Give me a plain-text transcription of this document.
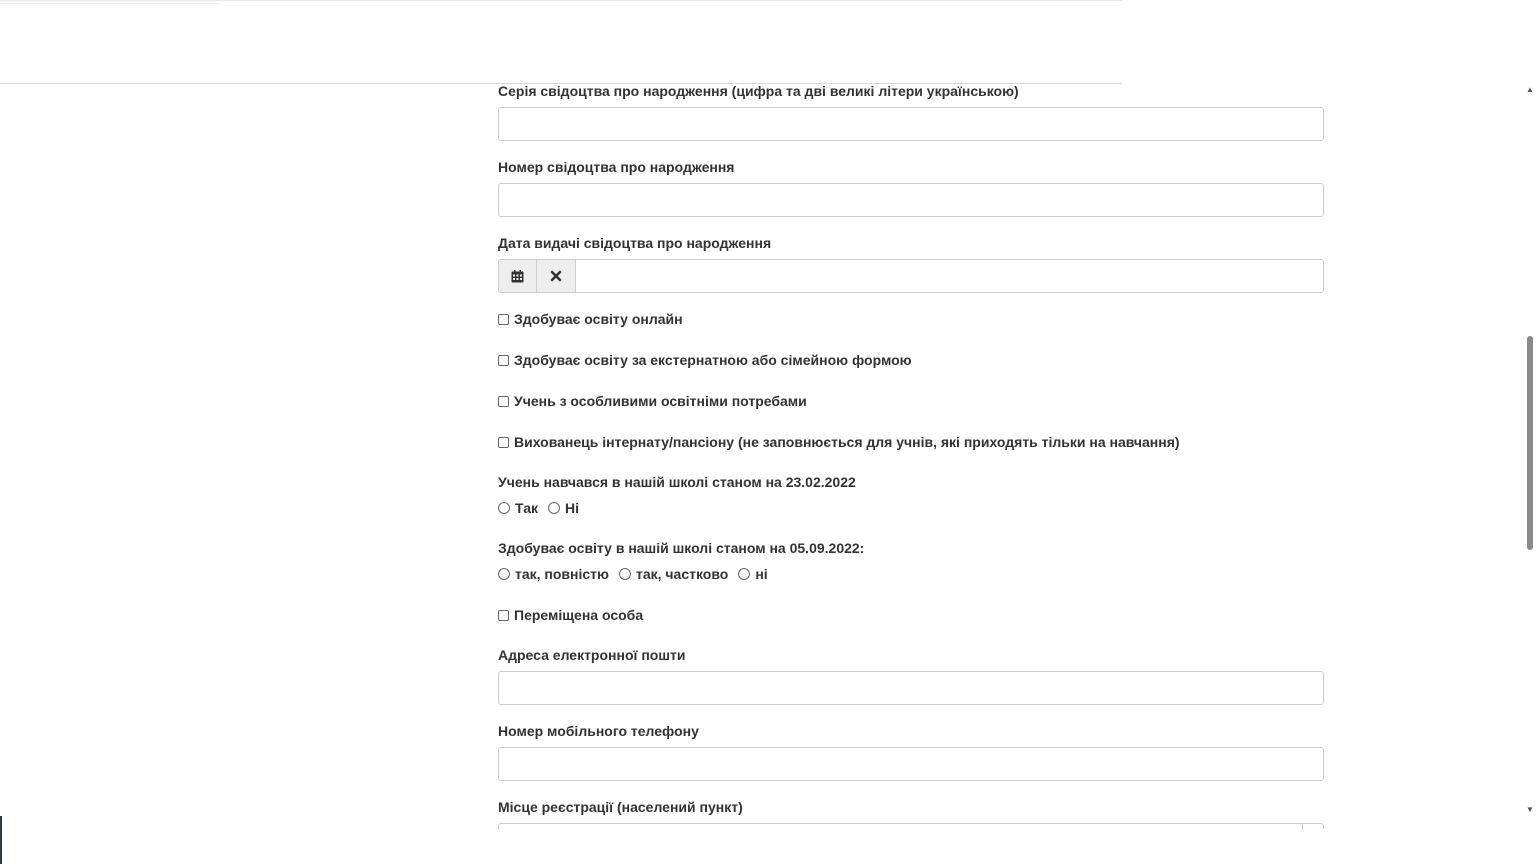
Серія свідоцтва про народження (цифра та дві великі літери українською)
Номер свідоцтва про народження
Дата видачі свідоцтва про народження
Здобуває освіту онлайн
Здобуває освіту за екстернатною або сімейною формою
Учень з особливими освітніми потребами
Вихованець інтернату/пансіону (не заповнюється для учнів, які приходять тільки на навчання)
Учень навчався в нашій школі станом на 23.02.2022
Так Ні
Здобуває освіту в нашій школі станом на 05.09.2022:
так, повністю так, частково ні
Переміщена особа
Адреса електронної пошти
Номер мобільного телефону
Місце реєстрації (населений пункт)
▲
▼
